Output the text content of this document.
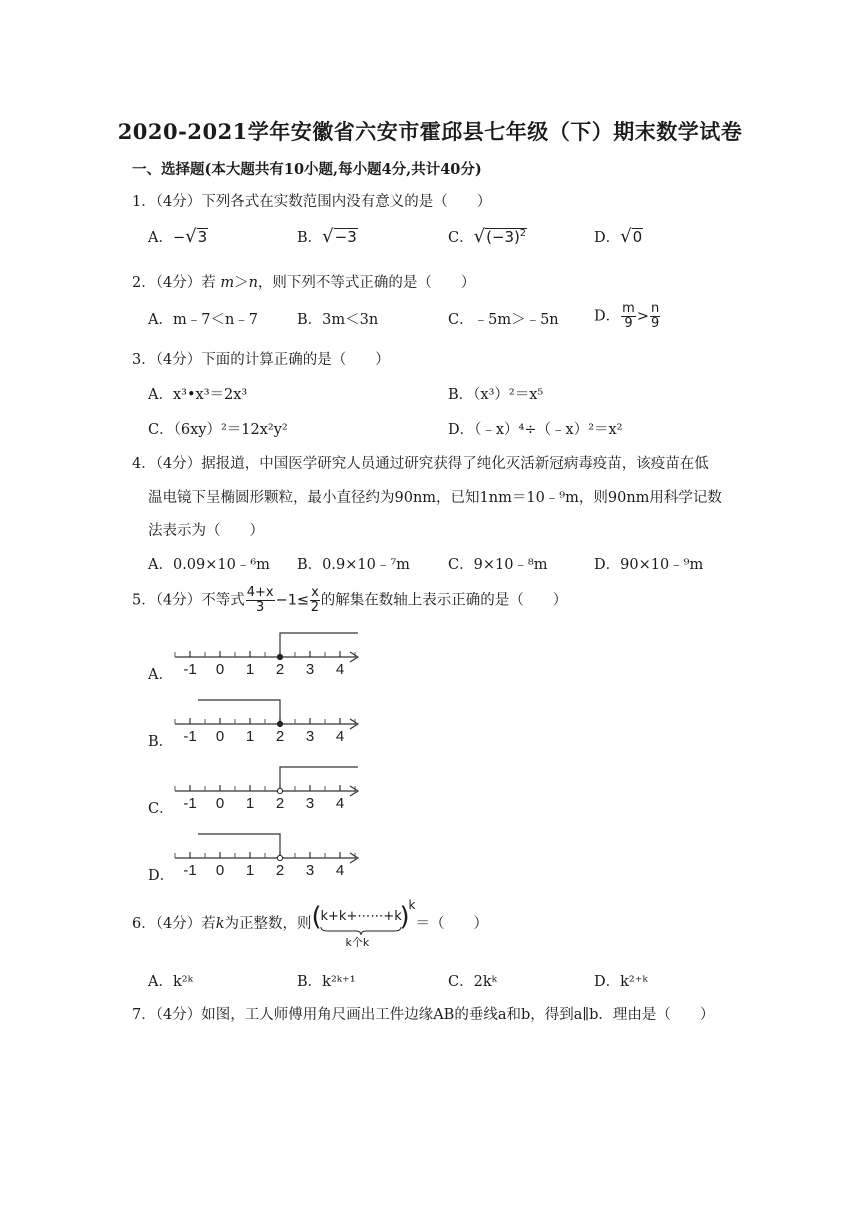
2020-2021学年安徽省六安市霍邱县七年级（下）期末数学试卷
一、选择题(本大题共有10小题,每小题4分,共计40分)
1．（4分）下列各式在实数范围内没有意义的是（　　）
A． − √ 3	B． √ −3	C． √ $(-3)^2$	D． √ 0
2．（4分）若 m＞n，则下列不等式正确的是（　　）
A．m﹣7＜n﹣7	B．3m＜3n	C．﹣5m＞﹣5n D． $\frac{m}{9} > \frac{n}{9}$
3．（4分）下面的计算正确的是（　　）
A．x³•x³＝2x³	B．（x³）²＝x⁵
C．（6xy）²＝12x²y²	D．（﹣x）⁴÷（﹣x）²＝x²
4．（4分）据报道，中国医学研究人员通过研究获得了纯化灭活新冠病毒疫苗，该疫苗在低
温电镜下呈椭圆形颗粒，最小直径约为90nm，已知1nm＝10﹣⁹m，则90nm用科学记数
法表示为（　　）
A．0.09×10﹣⁶m B．0.9×10﹣⁷m	C．9×10﹣⁸m	D．90×10﹣⁹m
5．（4分）不等式 $\frac{4+x}{3} -1\le \frac{x}{2}$ 的解集在数轴上表示正确的是（　　）
A．
B．
C．
D．
-1 0 1 2 3 4
-1 0 1 2 3 4
-1 0 1 2 3 4
-1 0 1 2 3 4
6．（4分）若k为正整数，则 (
k+k+⋯⋯+k
)
k
k个k
＝（　　）
A．k²ᵏ	B．k²ᵏ⁺¹	C．2kᵏ	D．k²⁺ᵏ
7．（4分）如图，工人师傅用角尺画出工件边缘AB的垂线a和b，得到a∥b．理由是（　　）
